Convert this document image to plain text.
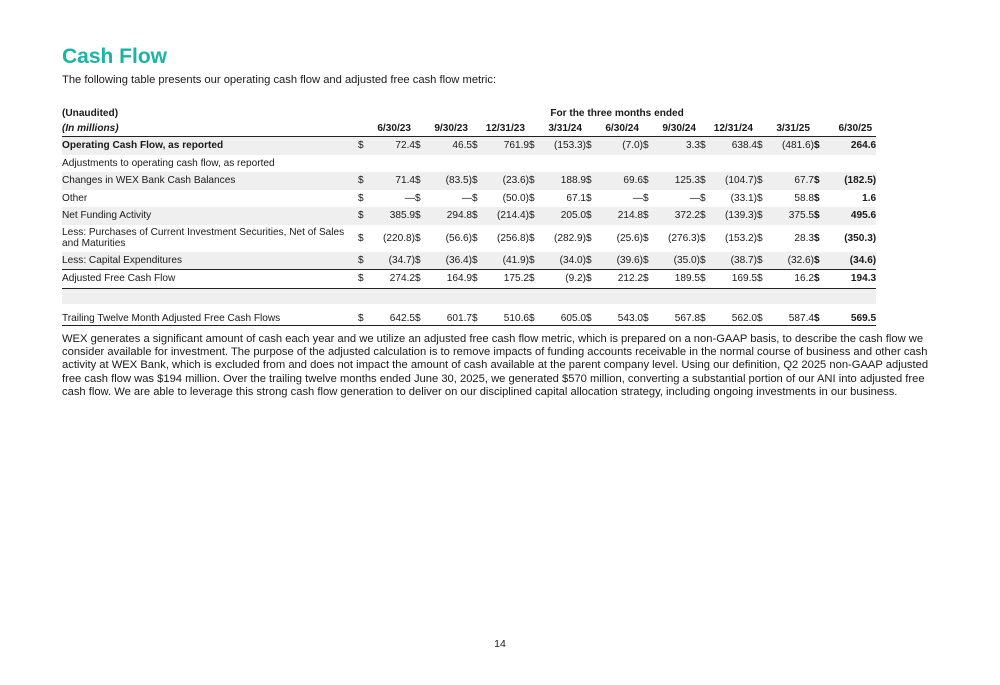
Cash Flow

The following table presents our operating cash flow and adjusted free cash flow metric:

(Unaudited)	For the three months ended																	
(In millions)	6/30/23		9/30/23		12/31/23		3/31/24		6/30/24		9/30/24		12/31/24		3/31/25		6/30/25	
Operating Cash Flow, as reported	$	72.4	$	46.5	$	761.9	$	(153.3)	$	(7.0)	$	3.3	$	638.4	$	(481.6)	$	264.6
Adjustments to operating cash flow, as reported																		
Changes in WEX Bank Cash Balances	$	71.4	$	(83.5)	$	(23.6)	$	188.9	$	69.6	$	125.3	$	(104.7)	$	67.7	$	(182.5)
Other	$	—	$	—	$	(50.0)	$	67.1	$	—	$	—	$	(33.1)	$	58.8	$	1.6
Net Funding Activity	$	385.9	$	294.8	$	(214.4)	$	205.0	$	214.8	$	372.2	$	(139.3)	$	375.5	$	495.6
Less: Purchases of Current Investment Securities, Net of Sales and Maturities	$	(220.8)	$	(56.6)	$	(256.8)	$	(282.9)	$	(25.6)	$	(276.3)	$	(153.2)	$	28.3	$	(350.3)
Less: Capital Expenditures	$	(34.7)	$	(36.4)	$	(41.9)	$	(34.0)	$	(39.6)	$	(35.0)	$	(38.7)	$	(32.6)	$	(34.6)
Adjusted Free Cash Flow	$	274.2	$	164.9	$	175.2	$	(9.2)	$	212.2	$	189.5	$	169.5	$	16.2	$	194.3

Trailing Twelve Month Adjusted Free Cash Flows	$	642.5	$	601.7	$	510.6	$	605.0	$	543.0	$	567.8	$	562.0	$	587.4	$	569.5

WEX generates a significant amount of cash each year and we utilize an adjusted free cash flow metric, which is prepared on a non-GAAP basis, to describe the cash flow we consider available for investment. The purpose of the adjusted calculation is to remove impacts of funding accounts receivable in the normal course of business and other cash activity at WEX Bank, which is excluded from and does not impact the amount of cash available at the parent company level. Using our definition, Q2 2025 non-GAAP adjusted free cash flow was $194 million. Over the trailing twelve months ended June 30, 2025, we generated $570 million, converting a substantial portion of our ANI into adjusted free cash flow. We are able to leverage this strong cash flow generation to deliver on our disciplined capital allocation strategy, including ongoing investments in our business.

14
